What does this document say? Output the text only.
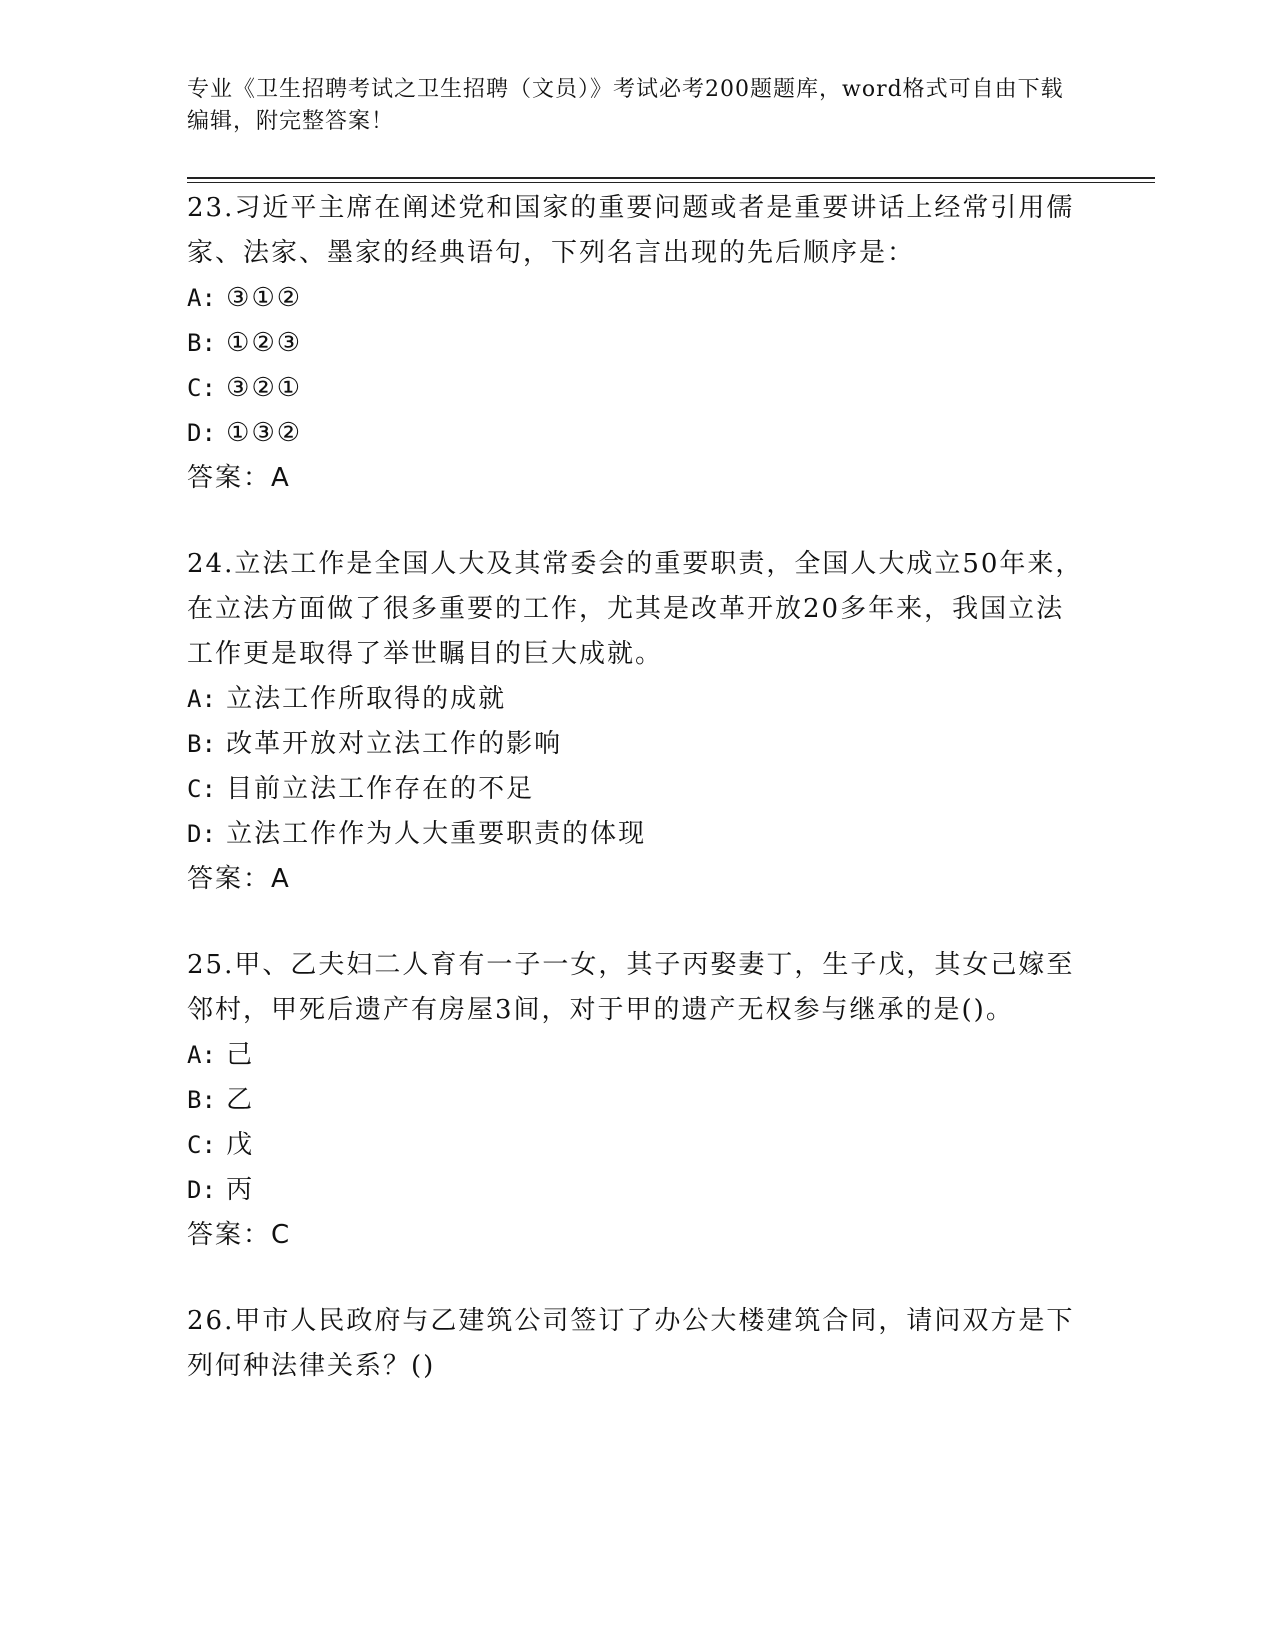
专业《卫生招聘考试之卫生招聘（文员）》考试必考200题题库，word格式可自由下载编辑，附完整答案！
23.习近平主席在阐述党和国家的重要问题或者是重要讲话上经常引用儒家、法家、墨家的经典语句，下列名言出现的先后顺序是：
A: ③①②
B: ①②③
C: ③②①
D: ①③②
答案：A
24.立法工作是全国人大及其常委会的重要职责，全国人大成立50年来，在立法方面做了很多重要的工作，尤其是改革开放20多年来，我国立法工作更是取得了举世瞩目的巨大成就。
A: 立法工作所取得的成就
B: 改革开放对立法工作的影响
C: 目前立法工作存在的不足
D: 立法工作作为人大重要职责的体现
答案：A
25.甲、乙夫妇二人育有一子一女，其子丙娶妻丁，生子戊，其女己嫁至邻村，甲死后遗产有房屋3间，对于甲的遗产无权参与继承的是()。
A: 己
B: 乙
C: 戊
D: 丙
答案：C
26.甲市人民政府与乙建筑公司签订了办公大楼建筑合同，请问双方是下列何种法律关系？()
